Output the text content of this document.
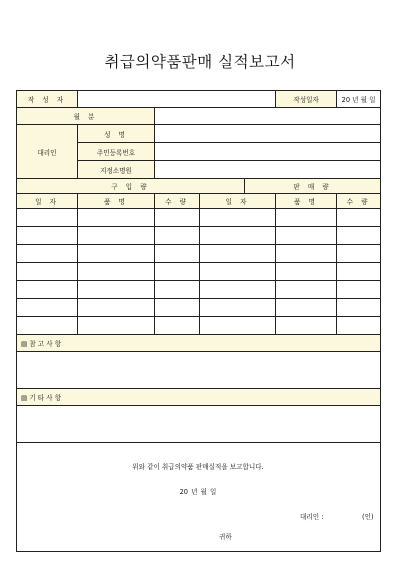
취급의약품판매 실적보고서
작 성 자					작성일자	20 년 월 일
월 분						
대리인	성 명					
	주민등록번호					
	지정소명원					
구 입 량				판 매 량		
일 자	품 명	수 량	일 자		품 명	수 량

▤ 참 고 사 항						

▤ 기 타 사 항						

위와 같이 취급의약품 판매실적을 보고합니다.
20 년 월 일
대리인 : (인)
귀하						
